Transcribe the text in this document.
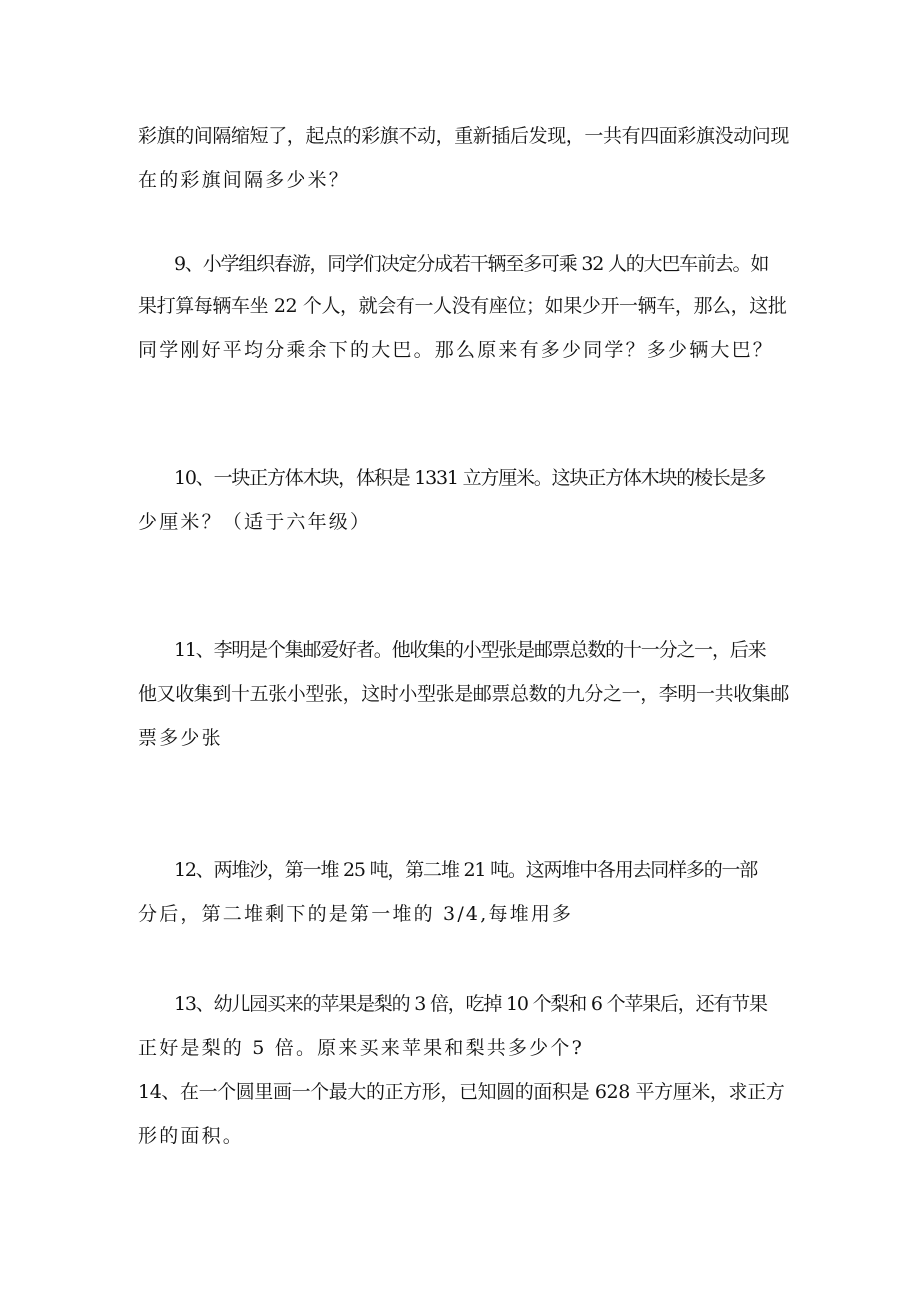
彩旗的间隔缩短了，起点的彩旗不动，重新插后发现，一共有四面彩旗没动问现
在的彩旗间隔多少米？
9、小学组织春游，同学们决定分成若干辆至多可乘 32 人的大巴车前去。如
果打算每辆车坐 22 个人，就会有一人没有座位；如果少开一辆车，那么，这批
同学刚好平均分乘余下的大巴。那么原来有多少同学？多少辆大巴？
10、一块正方体木块，体积是 1331 立方厘米。这块正方体木块的棱长是多
少厘米？（适于六年级）
11、李明是个集邮爱好者。他收集的小型张是邮票总数的十一分之一，后来
他又收集到十五张小型张，这时小型张是邮票总数的九分之一，李明一共收集邮
票多少张
12、两堆沙，第一堆 25 吨，第二堆 21 吨。这两堆中各用去同样多的一部
分后，第二堆剩下的是第一堆的 3/4,每堆用多
13、幼儿园买来的苹果是梨的 3 倍，吃掉 10 个梨和 6 个苹果后，还有节果
正好是梨的 5 倍。原来买来苹果和梨共多少个?
14、在一个圆里画一个最大的正方形，已知圆的面积是 628 平方厘米，求正方
形的面积。
